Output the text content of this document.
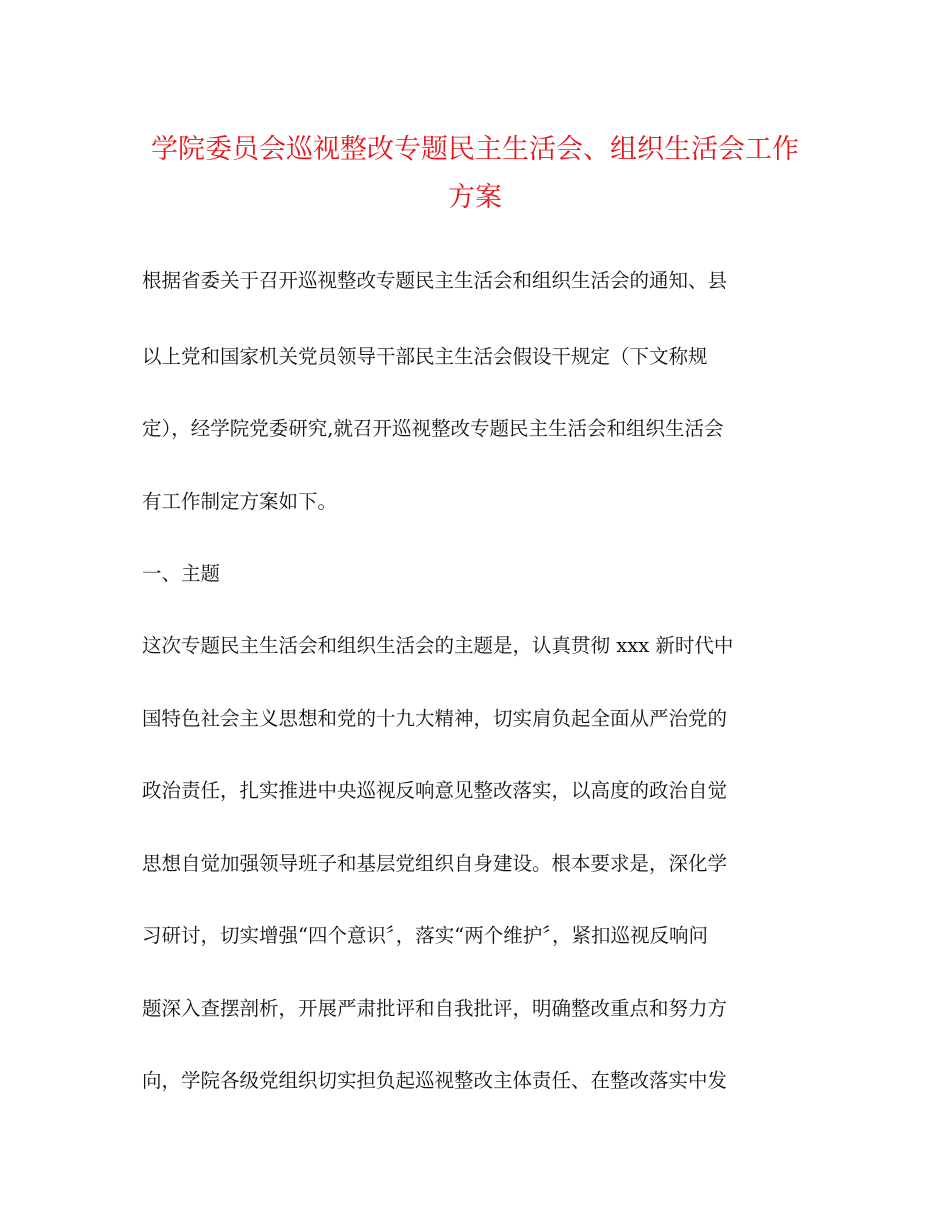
学院委员会巡视整改专题民主生活会、组织生活会工作
方案
根据省委关于召开巡视整改专题民主生活会和组织生活会的通知、县
以上党和国家机关党员领导干部民主生活会假设干规定（下文称规
定），经学院党委研究,就召开巡视整改专题民主生活会和组织生活会
有工作制定方案如下。
一、主题
这次专题民主生活会和组织生活会的主题是，认真贯彻 xxx 新时代中
国特色社会主义思想和党的十九大精神，切实肩负起全面从严治党的
政治责任，扎实推进中央巡视反响意见整改落实，以高度的政治自觉
思想自觉加强领导班子和基层党组织自身建设。根本要求是，深化学
习研讨，切实增强“四个意识〞，落实“两个维护〞，紧扣巡视反响问
题深入查摆剖析，开展严肃批评和自我批评，明确整改重点和努力方
向，学院各级党组织切实担负起巡视整改主体责任、在整改落实中发
